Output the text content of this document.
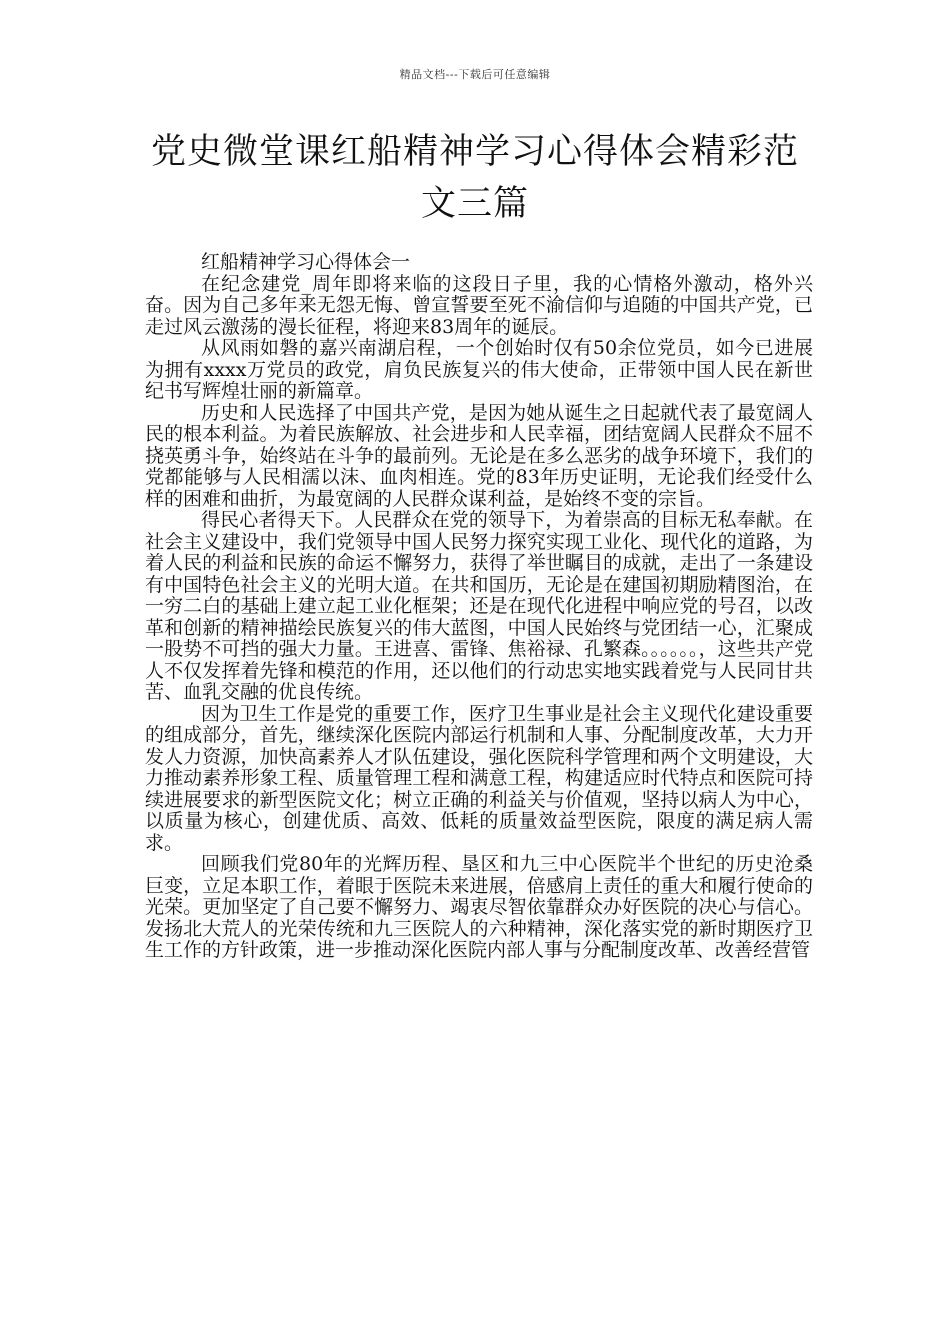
精品文档---下载后可任意编辑
党史微堂课红船精神学习心得体会精彩范文三篇

红船精神学习心得体会一

在纪念建党_周年即将来临的这段日子里，我的心情格外激动，格外兴奋。因为自己多年来无怨无悔、曾宣誓要至死不渝信仰与追随的中国共产党，已走过风云激荡的漫长征程，将迎来83周年的诞辰。

从风雨如磐的嘉兴南湖启程，一个创始时仅有50余位党员，如今已进展为拥有xxxx万党员的政党，肩负民族复兴的伟大使命，正带领中国人民在新世纪书写辉煌壮丽的新篇章。

历史和人民选择了中国共产党，是因为她从诞生之日起就代表了最宽阔人民的根本利益。为着民族解放、社会进步和人民幸福，团结宽阔人民群众不屈不挠英勇斗争，始终站在斗争的最前列。无论是在多么恶劣的战争环境下，我们的党都能够与人民相濡以沫、血肉相连。党的83年历史证明，无论我们经受什么样的困难和曲折，为最宽阔的人民群众谋利益，是始终不变的宗旨。

得民心者得天下。人民群众在党的领导下，为着崇高的目标无私奉献。在社会主义建设中，我们党领导中国人民努力探究实现工业化、现代化的道路，为着人民的利益和民族的命运不懈努力，获得了举世瞩目的成就，走出了一条建设有中国特色社会主义的光明大道。在共和国历，无论是在建国初期励精图治，在一穷二白的基础上建立起工业化框架；还是在现代化进程中响应党的号召，以改革和创新的精神描绘民族复兴的伟大蓝图，中国人民始终与党团结一心，汇聚成一股势不可挡的强大力量。王进喜、雷锋、焦裕禄、孔繁森。。。。。。，这些共产党人不仅发挥着先锋和模范的作用，还以他们的行动忠实地实践着党与人民同甘共苦、血乳交融的优良传统。

因为卫生工作是党的重要工作，医疗卫生事业是社会主义现代化建设重要的组成部分，首先，继续深化医院内部运行机制和人事、分配制度改革，大力开发人力资源，加快高素养人才队伍建设，强化医院科学管理和两个文明建设，大力推动素养形象工程、质量管理工程和满意工程，构建适应时代特点和医院可持续进展要求的新型医院文化；树立正确的利益关与价值观，坚持以病人为中心，以质量为核心，创建优质、高效、低耗的质量效益型医院，限度的满足病人需求。

回顾我们党80年的光辉历程、垦区和九三中心医院半个世纪的历史沧桑巨变，立足本职工作，着眼于医院未来进展，倍感肩上责任的重大和履行使命的光荣。更加坚定了自己要不懈努力、竭衷尽智依靠群众办好医院的决心与信心。发扬北大荒人的光荣传统和九三医院人的六种精神，深化落实党的新时期医疗卫生工作的方针政策，进一步推动深化医院内部人事与分配制度改革、改善经营管
